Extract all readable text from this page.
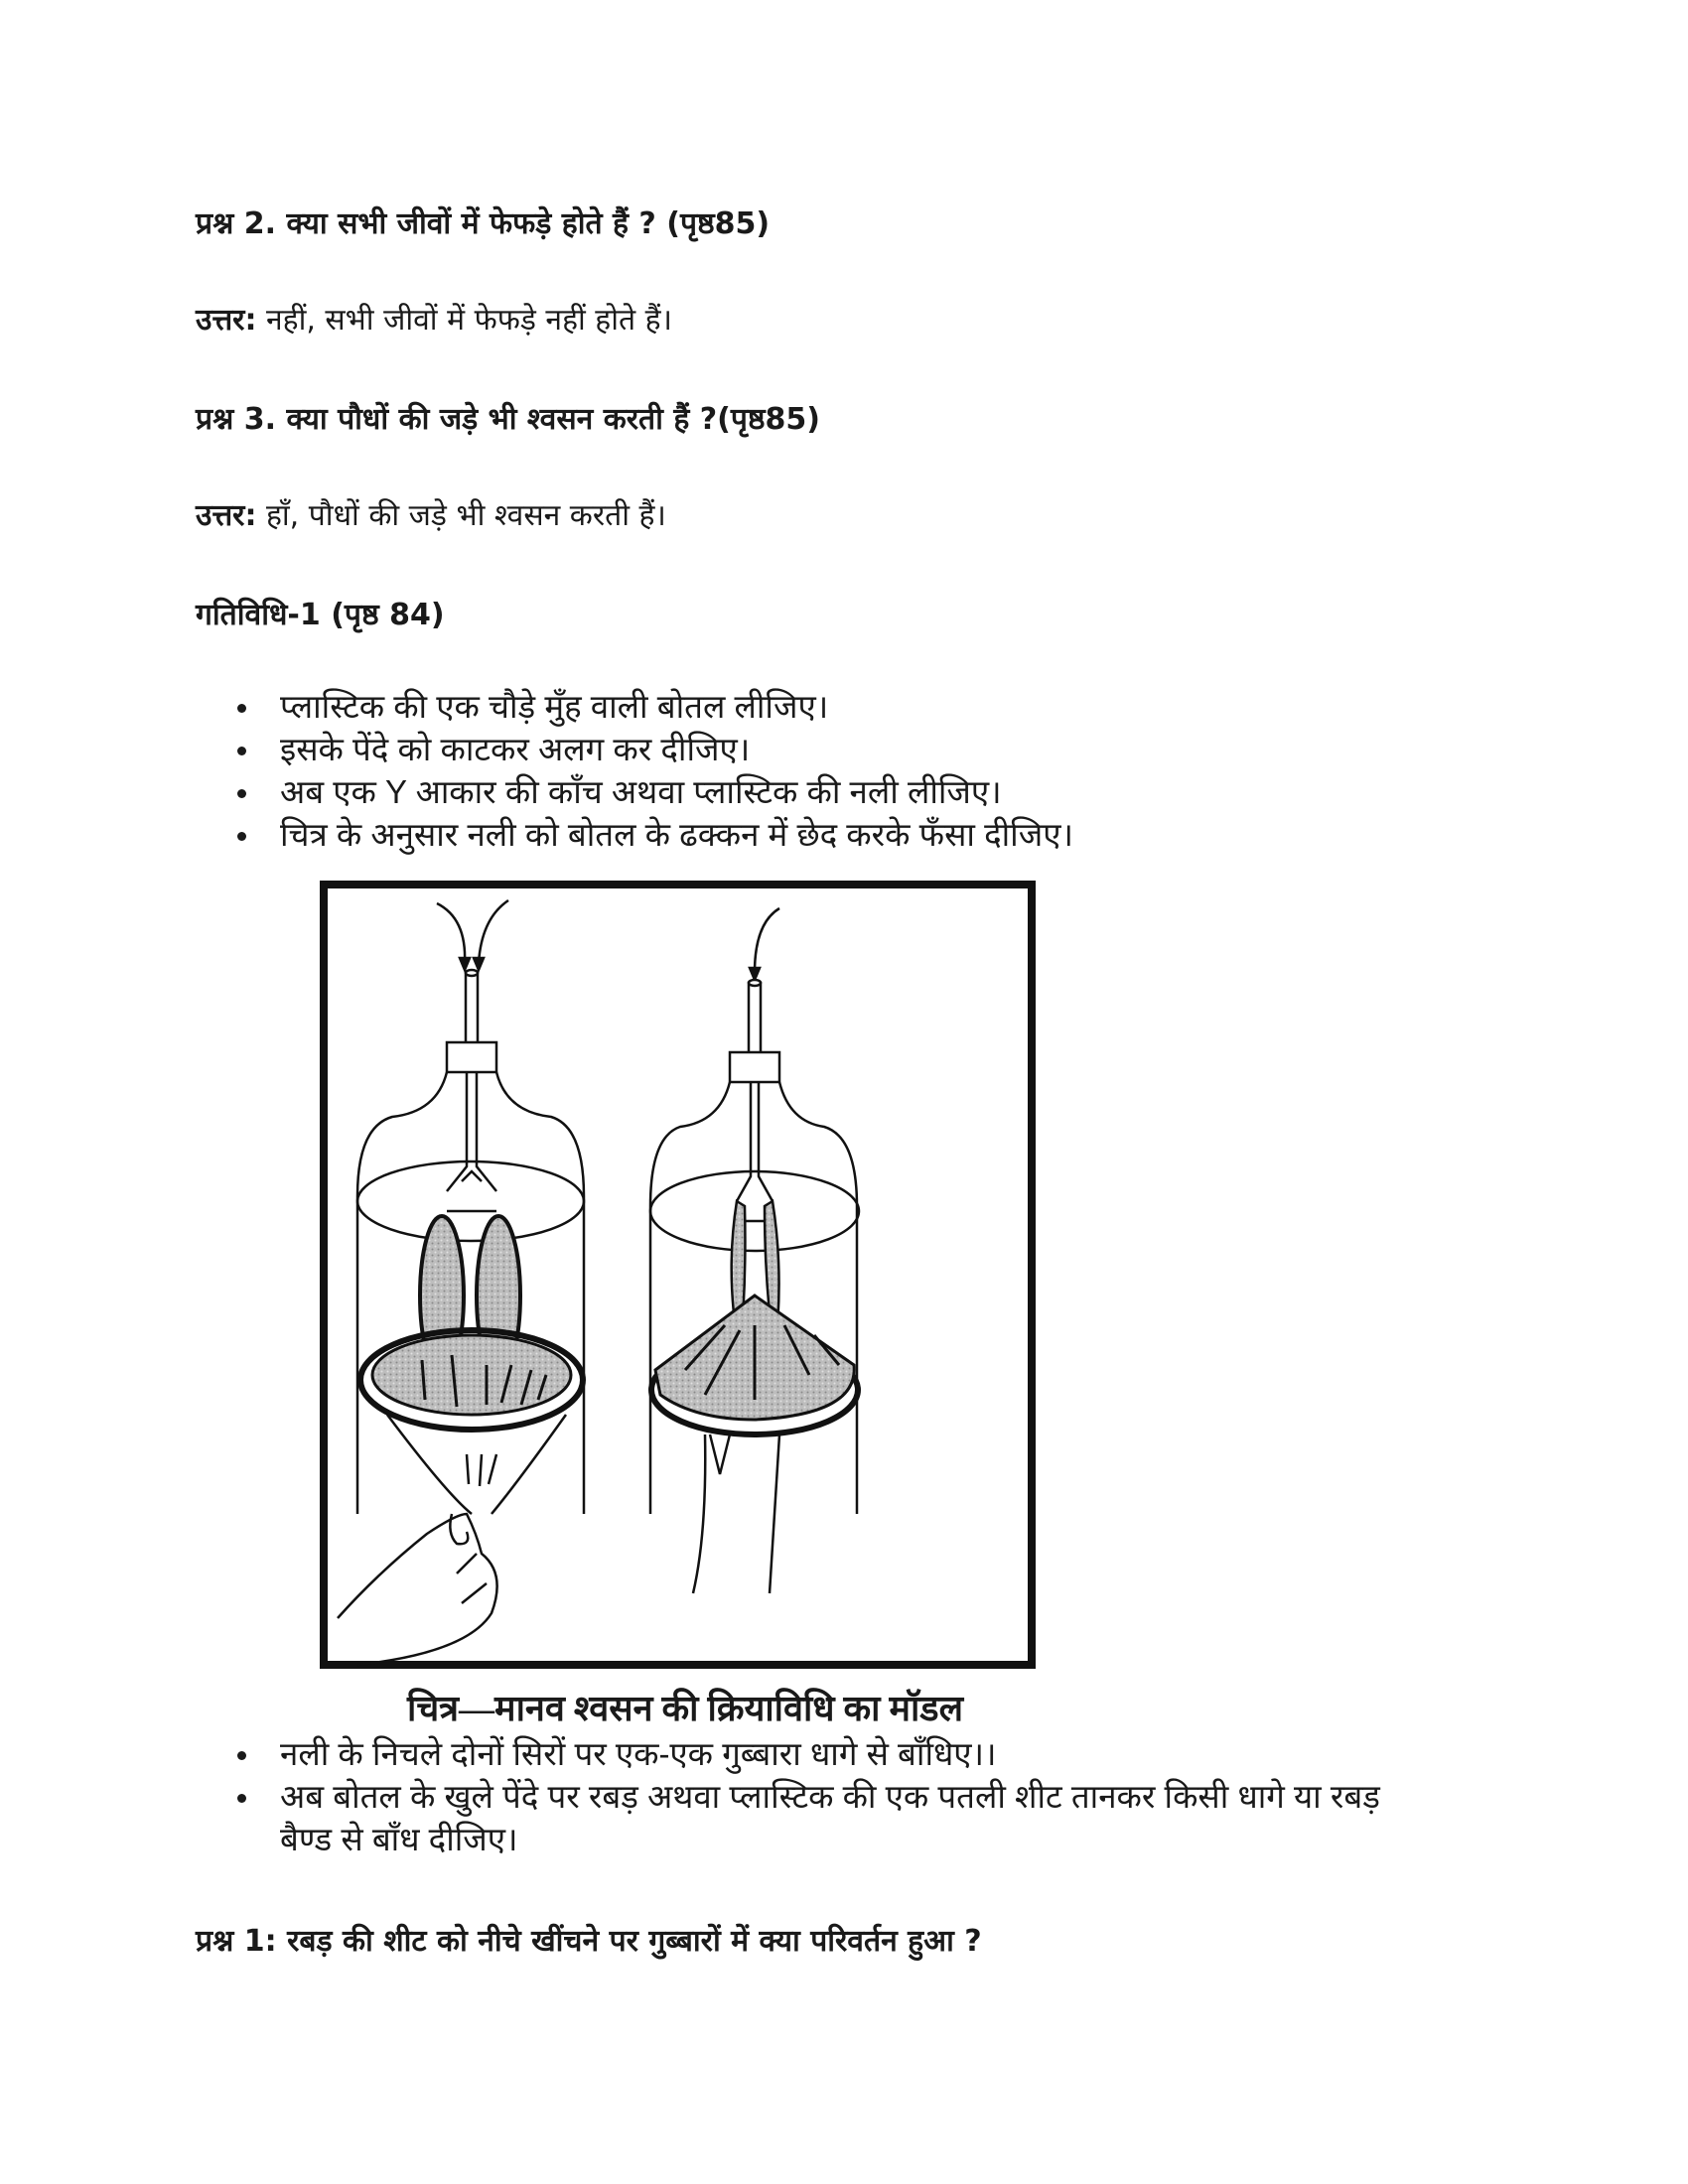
प्रश्न 2. क्या सभी जीवों में फेफड़े होते हैं ? (पृष्ठ85)
उत्तर: नहीं, सभी जीवों में फेफड़े नहीं होते हैं।
प्रश्न 3. क्या पौधों की जड़े भी श्वसन करती हैं ?(पृष्ठ85)
उत्तर: हाँ, पौधों की जड़े भी श्वसन करती हैं।
गतिविधि-1 (पृष्ठ 84)
प्लास्टिक की एक चौड़े मुँह वाली बोतल लीजिए।
इसके पेंदे को काटकर अलग कर दीजिए।
अब एक Y आकार की काँच अथवा प्लास्टिक की नली लीजिए।
चित्र के अनुसार नली को बोतल के ढक्कन में छेद करके फँसा दीजिए।
चित्र—मानव श्वसन की क्रियाविधि का मॉडल
नली के निचले दोनों सिरों पर एक-एक गुब्बारा धागे से बाँधिए।।
अब बोतल के खुले पेंदे पर रबड़ अथवा प्लास्टिक की एक पतली शीट तानकर किसी धागे या रबड़
बैण्ड से बाँध दीजिए।
प्रश्न 1: रबड़ की शीट को नीचे खींचने पर गुब्बारों में क्या परिवर्तन हुआ ?
